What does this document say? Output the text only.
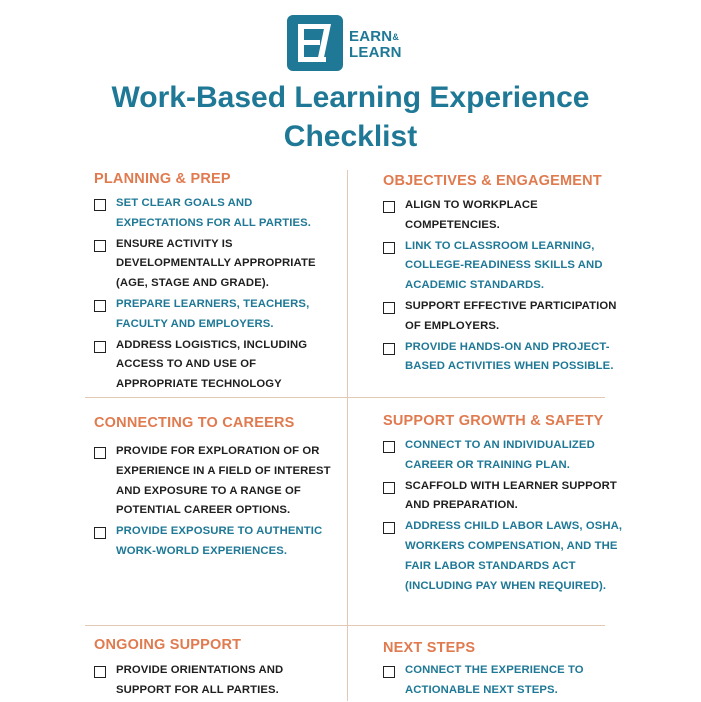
EARN&
LEARN
Work-Based Learning Experience
Checklist
PLANNING & PREP
SET CLEAR GOALS AND EXPECTATIONS FOR ALL PARTIES.
ENSURE ACTIVITY IS DEVELOPMENTALLY APPROPRIATE (AGE, STAGE AND GRADE).
PREPARE LEARNERS, TEACHERS, FACULTY AND EMPLOYERS.
ADDRESS LOGISTICS, INCLUDING ACCESS TO AND USE OF APPROPRIATE TECHNOLOGY
OBJECTIVES & ENGAGEMENT
ALIGN TO WORKPLACE COMPETENCIES.
LINK TO CLASSROOM LEARNING, COLLEGE-READINESS SKILLS AND ACADEMIC STANDARDS.
SUPPORT EFFECTIVE PARTICIPATION OF EMPLOYERS.
PROVIDE HANDS-ON AND PROJECT-BASED ACTIVITIES WHEN POSSIBLE.
CONNECTING TO CAREERS
PROVIDE FOR EXPLORATION OF OR EXPERIENCE IN A FIELD OF INTEREST AND EXPOSURE TO A RANGE OF POTENTIAL CAREER OPTIONS.
PROVIDE EXPOSURE TO AUTHENTIC WORK-WORLD EXPERIENCES.
SUPPORT GROWTH & SAFETY
CONNECT TO AN INDIVIDUALIZED CAREER OR TRAINING PLAN.
SCAFFOLD WITH LEARNER SUPPORT AND PREPARATION.
ADDRESS CHILD LABOR LAWS, OSHA, WORKERS COMPENSATION, AND THE FAIR LABOR STANDARDS ACT (INCLUDING PAY WHEN REQUIRED).
ONGOING SUPPORT
PROVIDE ORIENTATIONS AND SUPPORT FOR ALL PARTIES.
NEXT STEPS
CONNECT THE EXPERIENCE TO ACTIONABLE NEXT STEPS.
